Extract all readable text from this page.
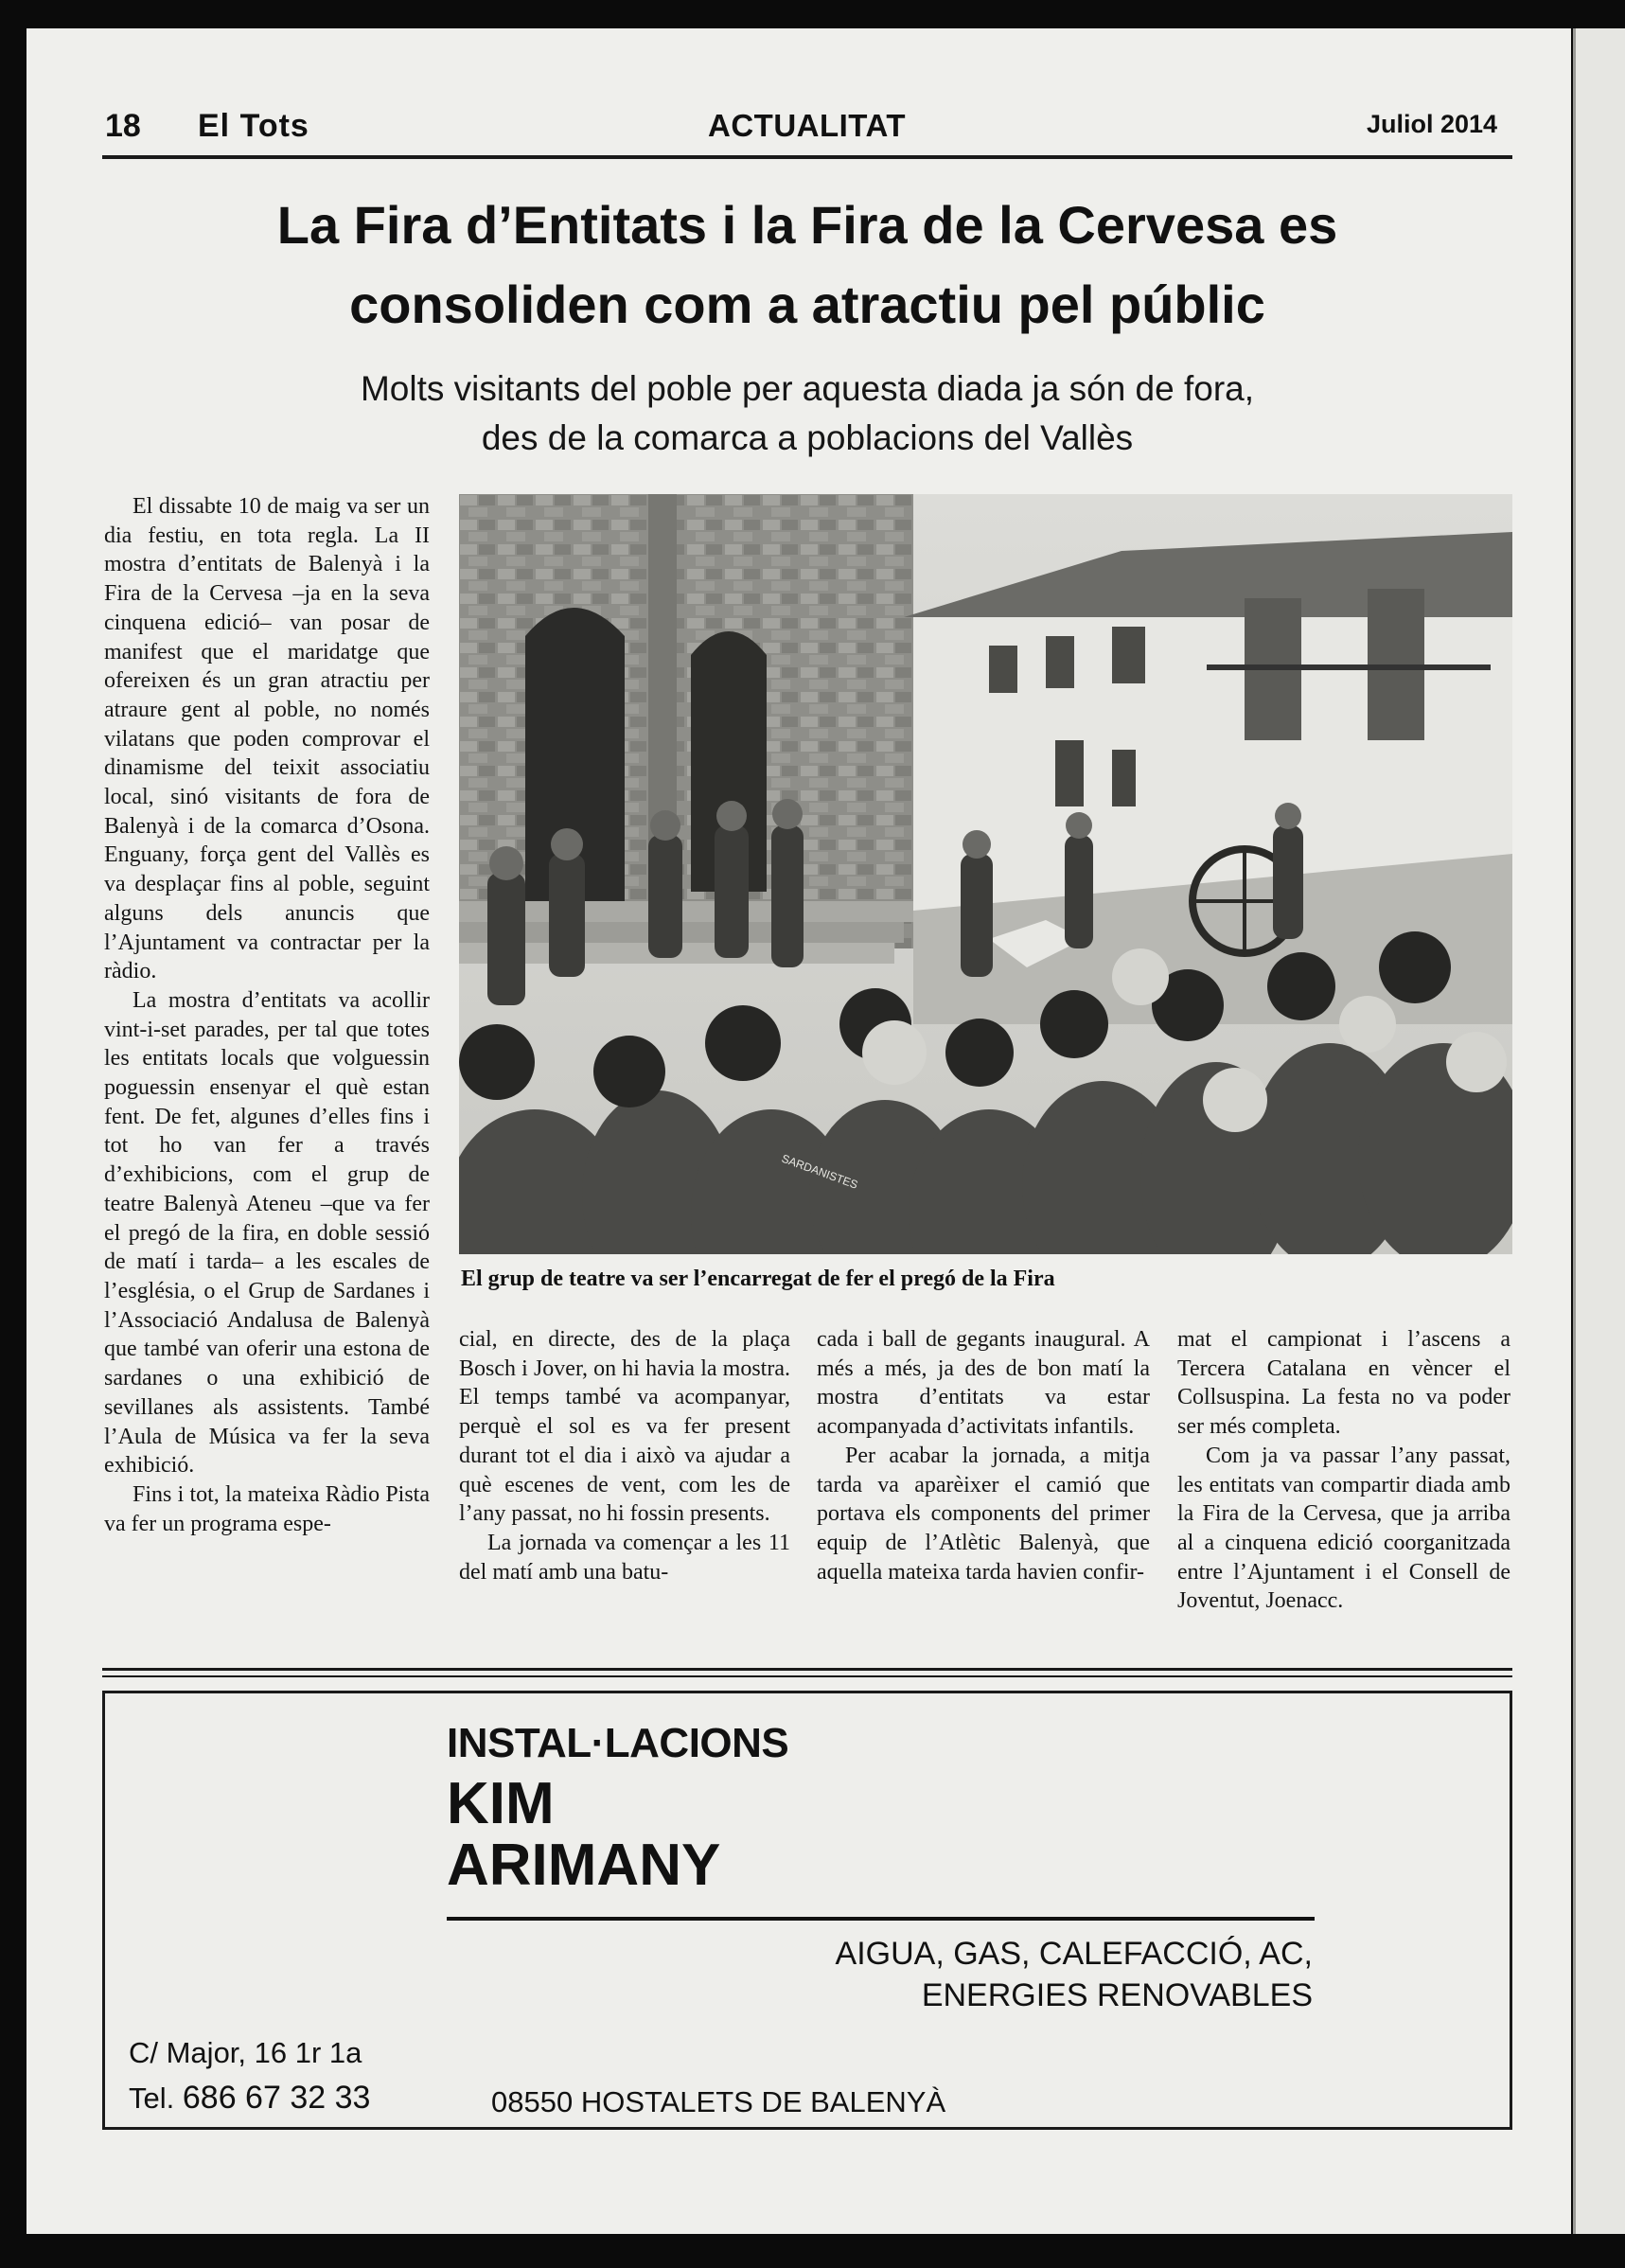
18 El Tots	ACTUALITAT	Juliol 2014
La Fira d’Entitats i la Fira de la Cervesa es
consoliden com a atractiu pel públic
Molts visitants del poble per aquesta diada ja són de fora,
des de la comarca a poblacions del Vallès

El dissabte 10 de maig va ser un dia festiu, en tota regla. La II mostra d’entitats de Balenyà i la Fira de la Cervesa –ja en la seva cinquena edició– van posar de manifest que el maridatge que ofereixen és un gran atractiu per atraure gent al poble, no només vilatans que poden comprovar el dinamisme del teixit associatiu local, sinó visitants de fora de Balenyà i de la comarca d’Osona. Enguany, força gent del Vallès es va desplaçar fins al poble, seguint alguns dels anuncis que l’Ajuntament va contractar per la ràdio.

La mostra d’entitats va acollir vint-i-set parades, per tal que totes les entitats locals que volguessin poguessin ensenyar el què estan fent. De fet, algunes d’elles fins i tot ho van fer a través d’exhibicions, com el grup de teatre Balenyà Ateneu –que va fer el pregó de la fira, en doble sessió de matí i tarda– a les escales de l’església, o el Grup de Sardanes i l’Associació Andalusa de Balenyà que també van oferir una estona de sardanes o una exhibició de sevillanes als assistents. També l’Aula de Música va fer la seva exhibició.

Fins i tot, la mateixa Ràdio Pista va fer un programa espe-

SARDANISTES
El grup de teatre va ser l’encarregat de fer el pregó de la Fira

cial, en directe, des de la plaça Bosch i Jover, on hi havia la mostra. El temps també va acompanyar, perquè el sol es va fer present durant tot el dia i això va ajudar a què escenes de vent, com les de l’any passat, no hi fossin presents.

La jornada va començar a les 11 del matí amb una batu-

cada i ball de gegants inaugural. A més a més, ja des de bon matí la mostra d’entitats va estar acompanyada d’activitats infantils.

Per acabar la jornada, a mitja tarda va aparèixer el camió que portava els components del primer equip de l’Atlètic Balenyà, que aquella mateixa tarda havien confir-

mat el campionat i l’ascens a Tercera Catalana en vèncer el Collsuspina. La festa no va poder ser més completa.

Com ja va passar l’any passat, les entitats van compartir diada amb la Fira de la Cervesa, que ja arriba al a cinquena edició coorganitzada entre l’Ajuntament i el Consell de Joventut, Joenacc.

INSTAL·LACIONS
KIM
ARIMANY
AIGUA, GAS, CALEFACCIÓ, AC,
ENERGIES RENOVABLES
C/ Major, 16 1r 1a
Tel. 686 67 32 33	08550 HOSTALETS DE BALENYÀ
